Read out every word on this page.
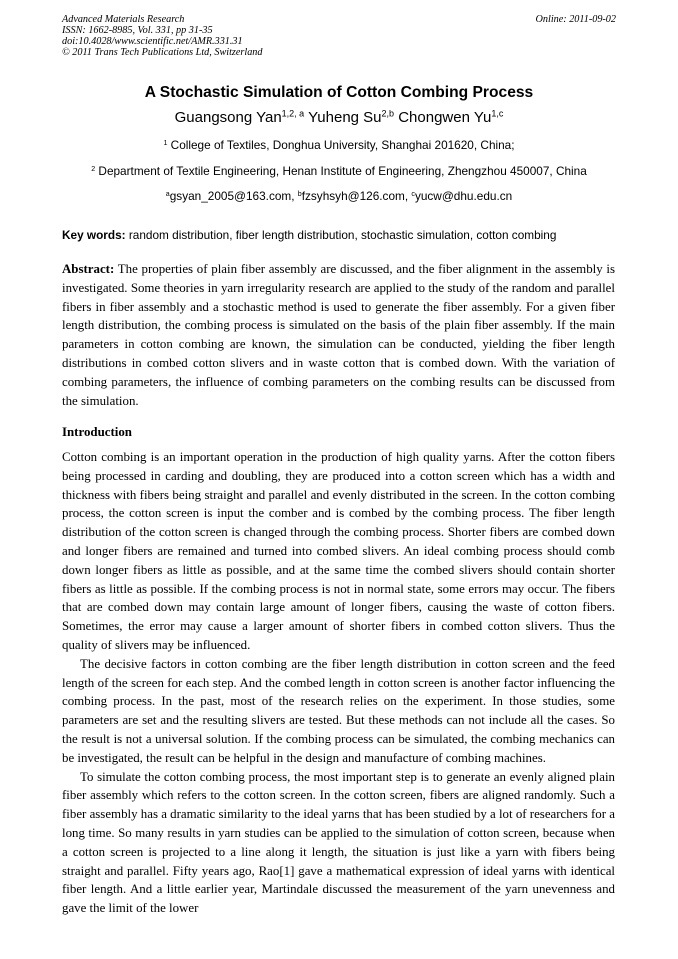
Advanced Materials Research
ISSN: 1662-8985, Vol. 331, pp 31-35
doi:10.4028/www.scientific.net/AMR.331.31
© 2011 Trans Tech Publications Ltd, Switzerland
Online: 2011-09-02
A Stochastic Simulation of Cotton Combing Process
Guangsong Yan$^{1,2, a}$ Yuheng Su$^{2,b}$ Chongwen Yu$^{1,c}$
$^1$ College of Textiles, Donghua University, Shanghai 201620, China;
$^2$ Department of Textile Engineering, Henan Institute of Engineering, Zhengzhou 450007, China
$^a$gsyan_2005@163.com, $^b$fzsyhsyh@126.com, $^c$yucw@dhu.edu.cn
Key words: random distribution, fiber length distribution, stochastic simulation, cotton combing
Abstract: The properties of plain fiber assembly are discussed, and the fiber alignment in the assembly is investigated. Some theories in yarn irregularity research are applied to the study of the random and parallel fibers in fiber assembly and a stochastic method is used to generate the fiber assembly. For a given fiber length distribution, the combing process is simulated on the basis of the plain fiber assembly. If the main parameters in cotton combing are known, the simulation can be conducted, yielding the fiber length distributions in combed cotton slivers and in waste cotton that is combed down. With the variation of combing parameters, the influence of combing parameters on the combing results can be discussed from the simulation.
Introduction

Cotton combing is an important operation in the production of high quality yarns. After the cotton fibers being processed in carding and doubling, they are produced into a cotton screen which has a width and thickness with fibers being straight and parallel and evenly distributed in the screen. In the cotton combing process, the cotton screen is input the comber and is combed by the combing process. The fiber length distribution of the cotton screen is changed through the combing process. Shorter fibers are combed down and longer fibers are remained and turned into combed slivers. An ideal combing process should comb down longer fibers as little as possible, and at the same time the combed slivers should contain shorter fibers as little as possible. If the combing process is not in normal state, some errors may occur. The fibers that are combed down may contain large amount of longer fibers, causing the waste of cotton fibers. Sometimes, the error may cause a larger amount of shorter fibers in combed cotton slivers. Thus the quality of slivers may be influenced.

The decisive factors in cotton combing are the fiber length distribution in cotton screen and the feed length of the screen for each step. And the combed length in cotton screen is another factor influencing the combing process. In the past, most of the research relies on the experiment. In those studies, some parameters are set and the resulting slivers are tested. But these methods can not include all the cases. So the result is not a universal solution. If the combing process can be simulated, the combing mechanics can be investigated, the result can be helpful in the design and manufacture of combing machines.

To simulate the cotton combing process, the most important step is to generate an evenly aligned plain fiber assembly which refers to the cotton screen. In the cotton screen, fibers are aligned randomly. Such a fiber assembly has a dramatic similarity to the ideal yarns that has been studied by a lot of researchers for a long time. So many results in yarn studies can be applied to the simulation of cotton screen, because when a cotton screen is projected to a line along it length, the situation is just like a yarn with fibers being straight and parallel. Fifty years ago, Rao[1] gave a mathematical expression of ideal yarns with identical fiber length. And a little earlier year, Martindale discussed the measurement of the yarn unevenness and gave the limit of the lower
